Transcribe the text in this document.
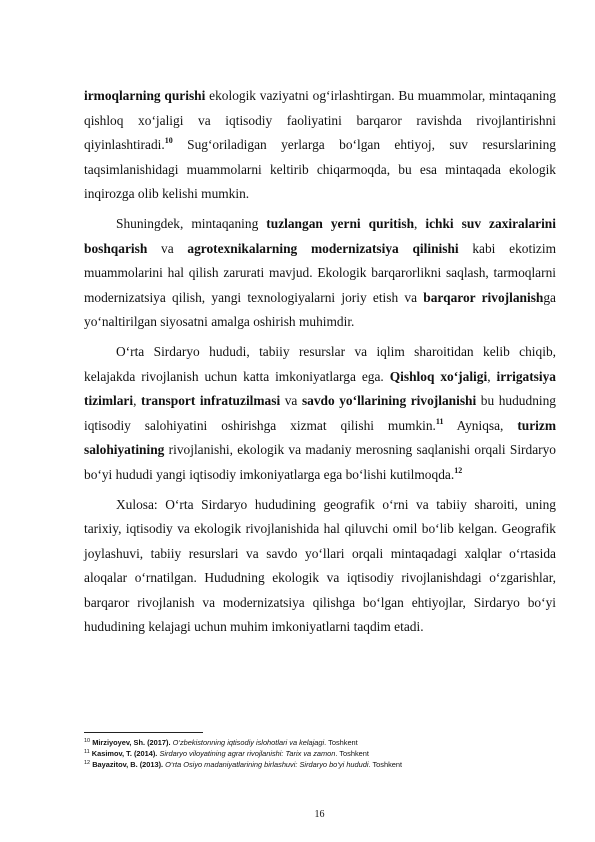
irmoqlarning qurishi ekologik vaziyatni og‘irlashtirgan. Bu muammolar, mintaqaning qishloq xo‘jaligi va iqtisodiy faoliyatini barqaror ravishda rivojlantirishni qiyinlashtiradi.$^{10}$ Sug‘oriladigan yerlarga bo‘lgan ehtiyoj, suv resurslarining taqsimlanishidagi muammolarni keltirib chiqarmoqda, bu esa mintaqada ekologik inqirozga olib kelishi mumkin.

Shuningdek, mintaqaning tuzlangan yerni quritish, ichki suv zaxiralarini boshqarish va agrotexnikalarning modernizatsiya qilinishi kabi ekotizim muammolarini hal qilish zarurati mavjud. Ekologik barqarorlikni saqlash, tarmoqlarni modernizatsiya qilish, yangi texnologiyalarni joriy etish va barqaror rivojlanishga yo‘naltirilgan siyosatni amalga oshirish muhimdir.

O‘rta Sirdaryo hududi, tabiiy resurslar va iqlim sharoitidan kelib chiqib, kelajakda rivojlanish uchun katta imkoniyatlarga ega. Qishloq xo‘jaligi, irrigatsiya tizimlari, transport infratuzilmasi va savdo yo‘llarining rivojlanishi bu hududning iqtisodiy salohiyatini oshirishga xizmat qilishi mumkin.$^{11}$ Ayniqsa, turizm salohiyatining rivojlanishi, ekologik va madaniy merosning saqlanishi orqali Sirdaryo bo‘yi hududi yangi iqtisodiy imkoniyatlarga ega bo‘lishi kutilmoqda.$^{12}$

Xulosa: O‘rta Sirdaryo hududining geografik o‘rni va tabiiy sharoiti, uning tarixiy, iqtisodiy va ekologik rivojlanishida hal qiluvchi omil bo‘lib kelgan. Geografik joylashuvi, tabiiy resurslari va savdo yo‘llari orqali mintaqadagi xalqlar o‘rtasida aloqalar o‘rnatilgan. Hududning ekologik va iqtisodiy rivojlanishdagi o‘zgarishlar, barqaror rivojlanish va modernizatsiya qilishga bo‘lgan ehtiyojlar, Sirdaryo bo‘yi hududining kelajagi uchun muhim imkoniyatlarni taqdim etadi.

$^{10}$ Mirziyoyev, Sh. (2017). O‘zbekistonning iqtisodiy islohotlari va kelajagi. Toshkent
$^{11}$ Kasimov, T. (2014). Sirdaryo viloyatining agrar rivojlanishi: Tarix va zamon. Toshkent
$^{12}$ Bayazitov, B. (2013). O‘rta Osiyo madaniyatlarining birlashuvi: Sirdaryo bo‘yi hududi. Toshkent
16
